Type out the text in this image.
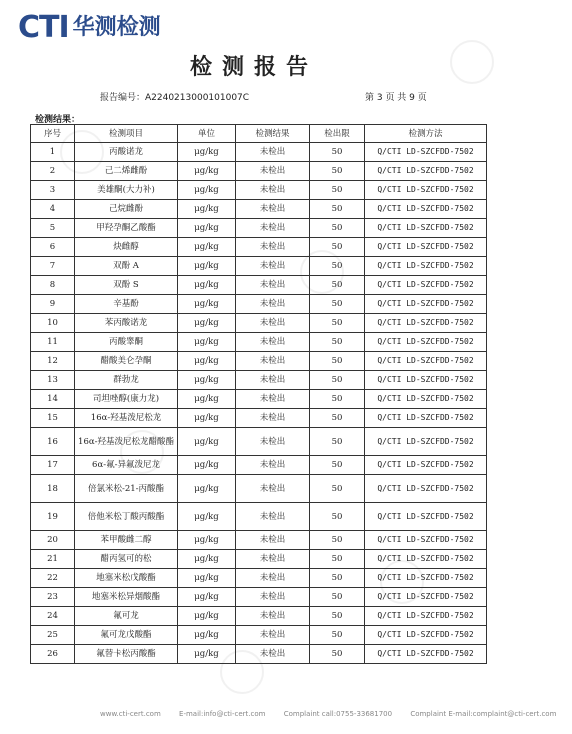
CTI 华测检测
检测报告
报告编号：A2240213000101007C	第 3 页 共 9 页
检测结果：
序号	检测项目	单位	检测结果	检出限	检测方法
1	丙酸诺龙	μg/kg	未检出	50	Q/CTI LD-SZCFDD-7502
2	己二烯雌酚	μg/kg	未检出	50	Q/CTI LD-SZCFDD-7502
3	美雄酮(大力补)	μg/kg	未检出	50	Q/CTI LD-SZCFDD-7502
4	己烷雌酚	μg/kg	未检出	50	Q/CTI LD-SZCFDD-7502
5	甲羟孕酮乙酸酯	μg/kg	未检出	50	Q/CTI LD-SZCFDD-7502
6	炔雌醇	μg/kg	未检出	50	Q/CTI LD-SZCFDD-7502
7	双酚 A	μg/kg	未检出	50	Q/CTI LD-SZCFDD-7502
8	双酚 S	μg/kg	未检出	50	Q/CTI LD-SZCFDD-7502
9	辛基酚	μg/kg	未检出	50	Q/CTI LD-SZCFDD-7502
10	苯丙酸诺龙	μg/kg	未检出	50	Q/CTI LD-SZCFDD-7502
11	丙酸睾酮	μg/kg	未检出	50	Q/CTI LD-SZCFDD-7502
12	醋酸美仑孕酮	μg/kg	未检出	50	Q/CTI LD-SZCFDD-7502
13	群勃龙	μg/kg	未检出	50	Q/CTI LD-SZCFDD-7502
14	司坦唑醇(康力龙)	μg/kg	未检出	50	Q/CTI LD-SZCFDD-7502
15	16α-羟基泼尼松龙	μg/kg	未检出	50	Q/CTI LD-SZCFDD-7502
16	16α-羟基泼尼松龙醋酸酯	μg/kg	未检出	50	Q/CTI LD-SZCFDD-7502
17	6α-氟-异氟泼尼龙	μg/kg	未检出	50	Q/CTI LD-SZCFDD-7502
18	倍氯米松-21-丙酸酯	μg/kg	未检出	50	Q/CTI LD-SZCFDD-7502
19	倍他米松丁酸丙酸酯	μg/kg	未检出	50	Q/CTI LD-SZCFDD-7502
20	苯甲酸雌二醇	μg/kg	未检出	50	Q/CTI LD-SZCFDD-7502
21	醋丙氢可的松	μg/kg	未检出	50	Q/CTI LD-SZCFDD-7502
22	地塞米松戊酸酯	μg/kg	未检出	50	Q/CTI LD-SZCFDD-7502
23	地塞米松异烟酸酯	μg/kg	未检出	50	Q/CTI LD-SZCFDD-7502
24	氟可龙	μg/kg	未检出	50	Q/CTI LD-SZCFDD-7502
25	氟可龙戊酸酯	μg/kg	未检出	50	Q/CTI LD-SZCFDD-7502
26	氟替卡松丙酸酯	μg/kg	未检出	50	Q/CTI LD-SZCFDD-7502
www.cti-cert.com	E-mail:info@cti-cert.com	Complaint call:0755-33681700	Complaint E-mail:complaint@cti-cert.com
